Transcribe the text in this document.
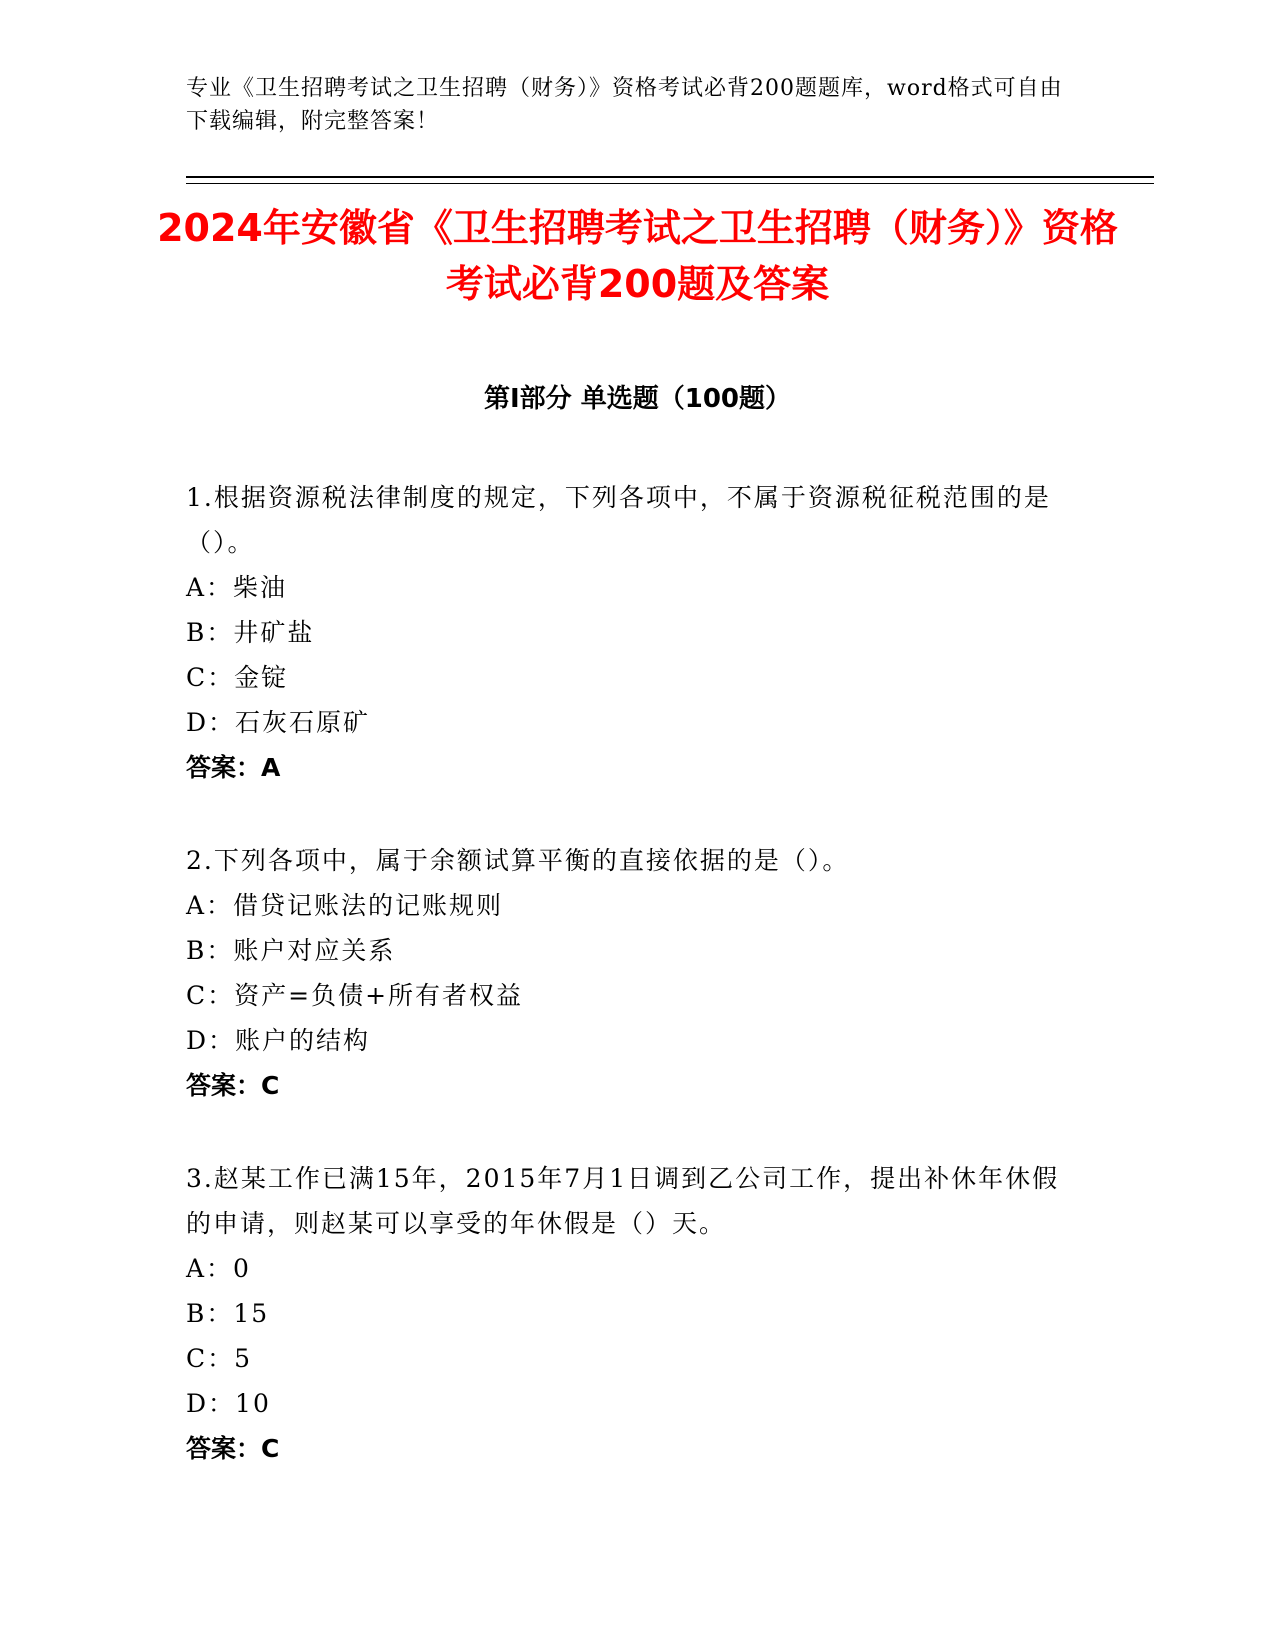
专业《卫生招聘考试之卫生招聘（财务）》资格考试必背200题题库，word格式可自由下载编辑，附完整答案！
2024年安徽省《卫生招聘考试之卫生招聘（财务）》资格考试必背200题及答案
第Ⅰ部分 单选题（100题）
1.根据资源税法律制度的规定，下列各项中，不属于资源税征税范围的是（）。
A：柴油
B：井矿盐
C：金锭
D：石灰石原矿
答案：A
2.下列各项中，属于余额试算平衡的直接依据的是（）。
A：借贷记账法的记账规则
B：账户对应关系
C：资产=负债+所有者权益
D：账户的结构
答案：C
3.赵某工作已满15年，2015年7月1日调到乙公司工作，提出补休年休假的申请，则赵某可以享受的年休假是（）天。
A：0
B：15
C：5
D：10
答案：C
